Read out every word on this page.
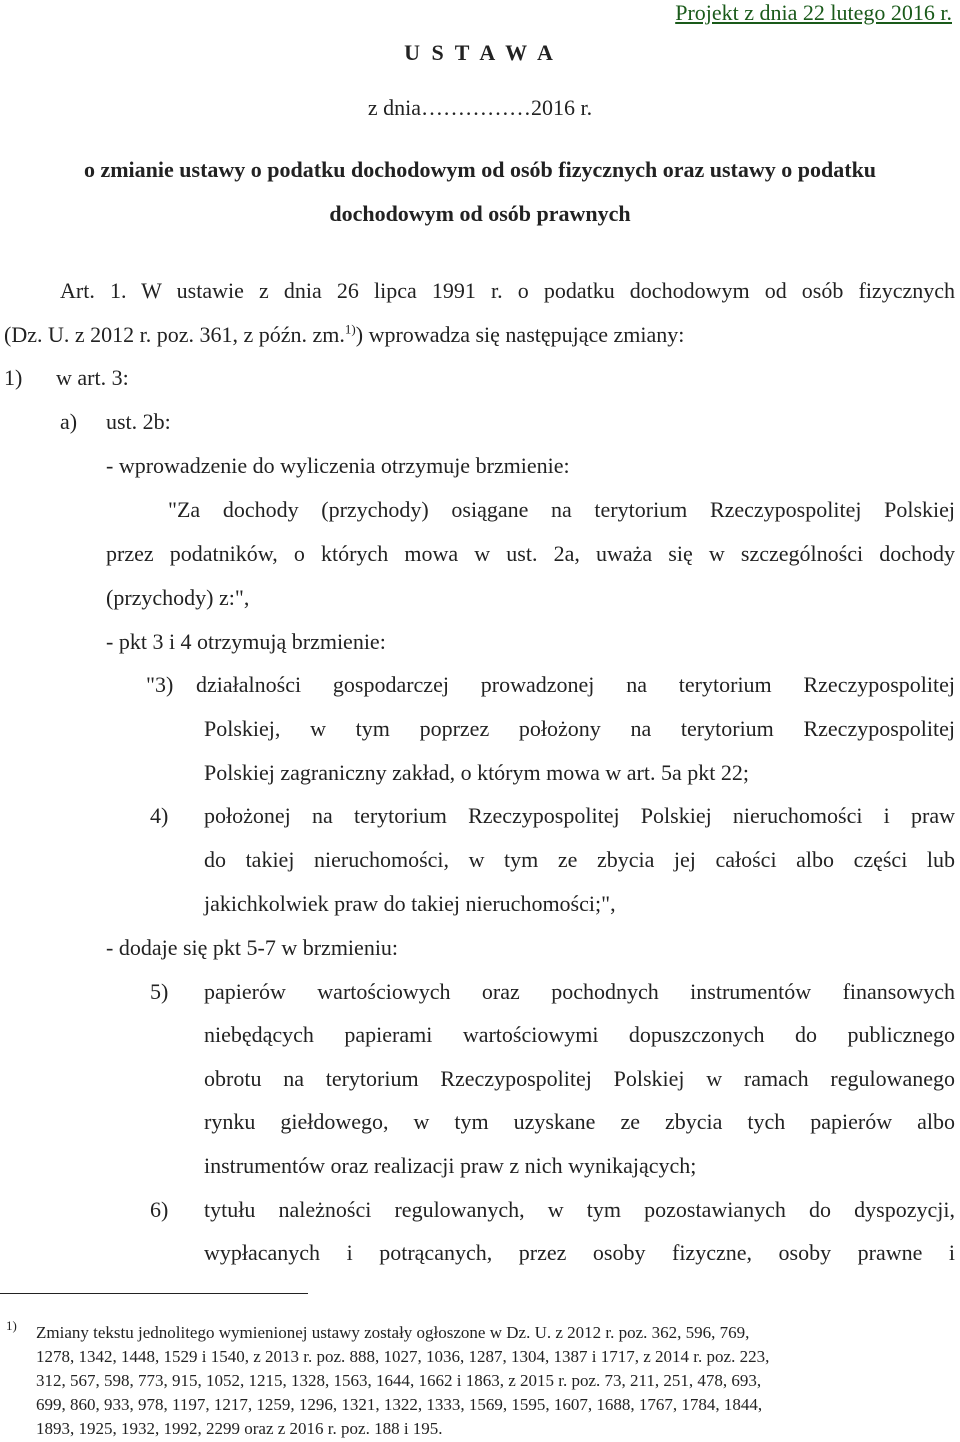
Projekt z dnia 22 lutego 2016 r.
U S T A W A
z dnia……………2016 r.
o zmianie ustawy o podatku dochodowym od osób fizycznych oraz ustawy o podatku dochodowym od osób prawnych
Art. 1. W ustawie z dnia 26 lipca 1991 r. o podatku dochodowym od osób fizycznych
(Dz. U. z 2012 r. poz. 361, z późn. zm.$^{1)}$) wprowadza się następujące zmiany:
1) w art. 3:
a) ust. 2b:
- wprowadzenie do wyliczenia otrzymuje brzmienie:
"Za dochody (przychody) osiągane na terytorium Rzeczypospolitej Polskiej
przez podatników, o których mowa w ust. 2a, uważa się w szczególności dochody
(przychody) z:",
- pkt 3 i 4 otrzymują brzmienie:
"3) działalności gospodarczej prowadzonej na terytorium Rzeczypospolitej
Polskiej, w tym poprzez położony na terytorium Rzeczypospolitej
Polskiej zagraniczny zakład, o którym mowa w art. 5a pkt 22;
4) położonej na terytorium Rzeczypospolitej Polskiej nieruchomości i praw
do takiej nieruchomości, w tym ze zbycia jej całości albo części lub
jakichkolwiek praw do takiej nieruchomości;",
- dodaje się pkt 5-7 w brzmieniu:
5) papierów wartościowych oraz pochodnych instrumentów finansowych
niebędących papierami wartościowymi dopuszczonych do publicznego
obrotu na terytorium Rzeczypospolitej Polskiej w ramach regulowanego
rynku giełdowego, w tym uzyskane ze zbycia tych papierów albo
instrumentów oraz realizacji praw z nich wynikających;
6) tytułu należności regulowanych, w tym pozostawianych do dyspozycji,
wypłacanych i potrącanych, przez osoby fizyczne, osoby prawne i
1) Zmiany tekstu jednolitego wymienionej ustawy zostały ogłoszone w Dz. U. z 2012 r. poz. 362, 596, 769,
1278, 1342, 1448, 1529 i 1540, z 2013 r. poz. 888, 1027, 1036, 1287, 1304, 1387 i 1717, z 2014 r. poz. 223,
312, 567, 598, 773, 915, 1052, 1215, 1328, 1563, 1644, 1662 i 1863, z 2015 r. poz. 73, 211, 251, 478, 693,
699, 860, 933, 978, 1197, 1217, 1259, 1296, 1321, 1322, 1333, 1569, 1595, 1607, 1688, 1767, 1784, 1844,
1893, 1925, 1932, 1992, 2299 oraz z 2016 r. poz. 188 i 195.
